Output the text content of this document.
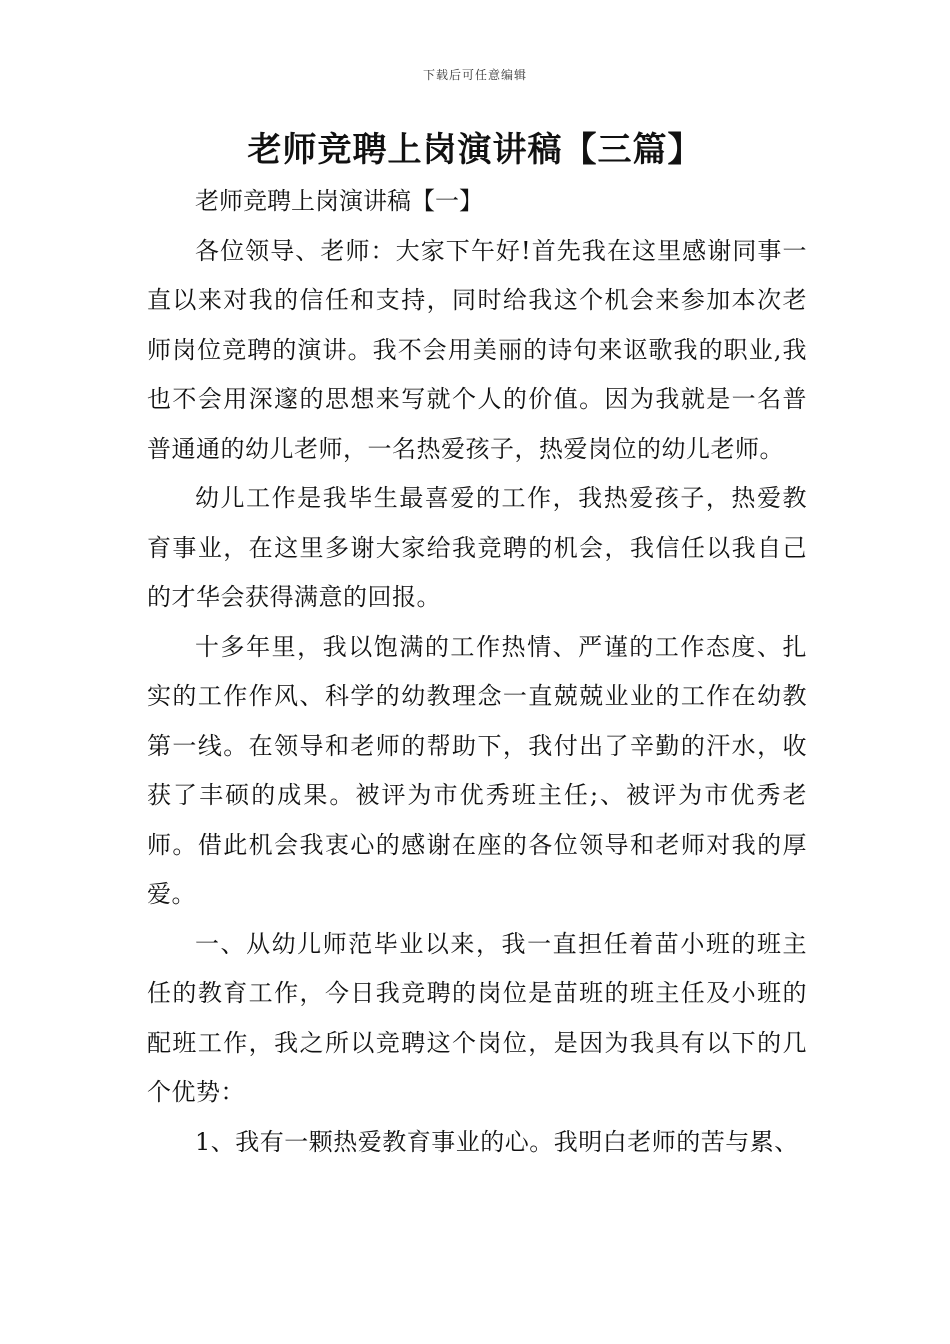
下载后可任意编辑
老师竞聘上岗演讲稿【三篇】

老师竞聘上岗演讲稿【一】

各位领导、老师：大家下午好!首先我在这里感谢同事一直以来对我的信任和支持，同时给我这个机会来参加本次老师岗位竞聘的演讲。我不会用美丽的诗句来讴歌我的职业,我也不会用深邃的思想来写就个人的价值。因为我就是一名普普通通的幼儿老师，一名热爱孩子，热爱岗位的幼儿老师。

幼儿工作是我毕生最喜爱的工作，我热爱孩子，热爱教育事业，在这里多谢大家给我竞聘的机会，我信任以我自己的才华会获得满意的回报。

十多年里，我以饱满的工作热情、严谨的工作态度、扎实的工作作风、科学的幼教理念一直兢兢业业的工作在幼教第一线。在领导和老师的帮助下，我付出了辛勤的汗水，收获了丰硕的成果。被评为市优秀班主任;、被评为市优秀老师。借此机会我衷心的感谢在座的各位领导和老师对我的厚爱。

一、从幼儿师范毕业以来，我一直担任着苗小班的班主任的教育工作，今日我竞聘的岗位是苗班的班主任及小班的配班工作，我之所以竞聘这个岗位，是因为我具有以下的几个优势：

1、我有一颗热爱教育事业的心。我明白老师的苦与累、
